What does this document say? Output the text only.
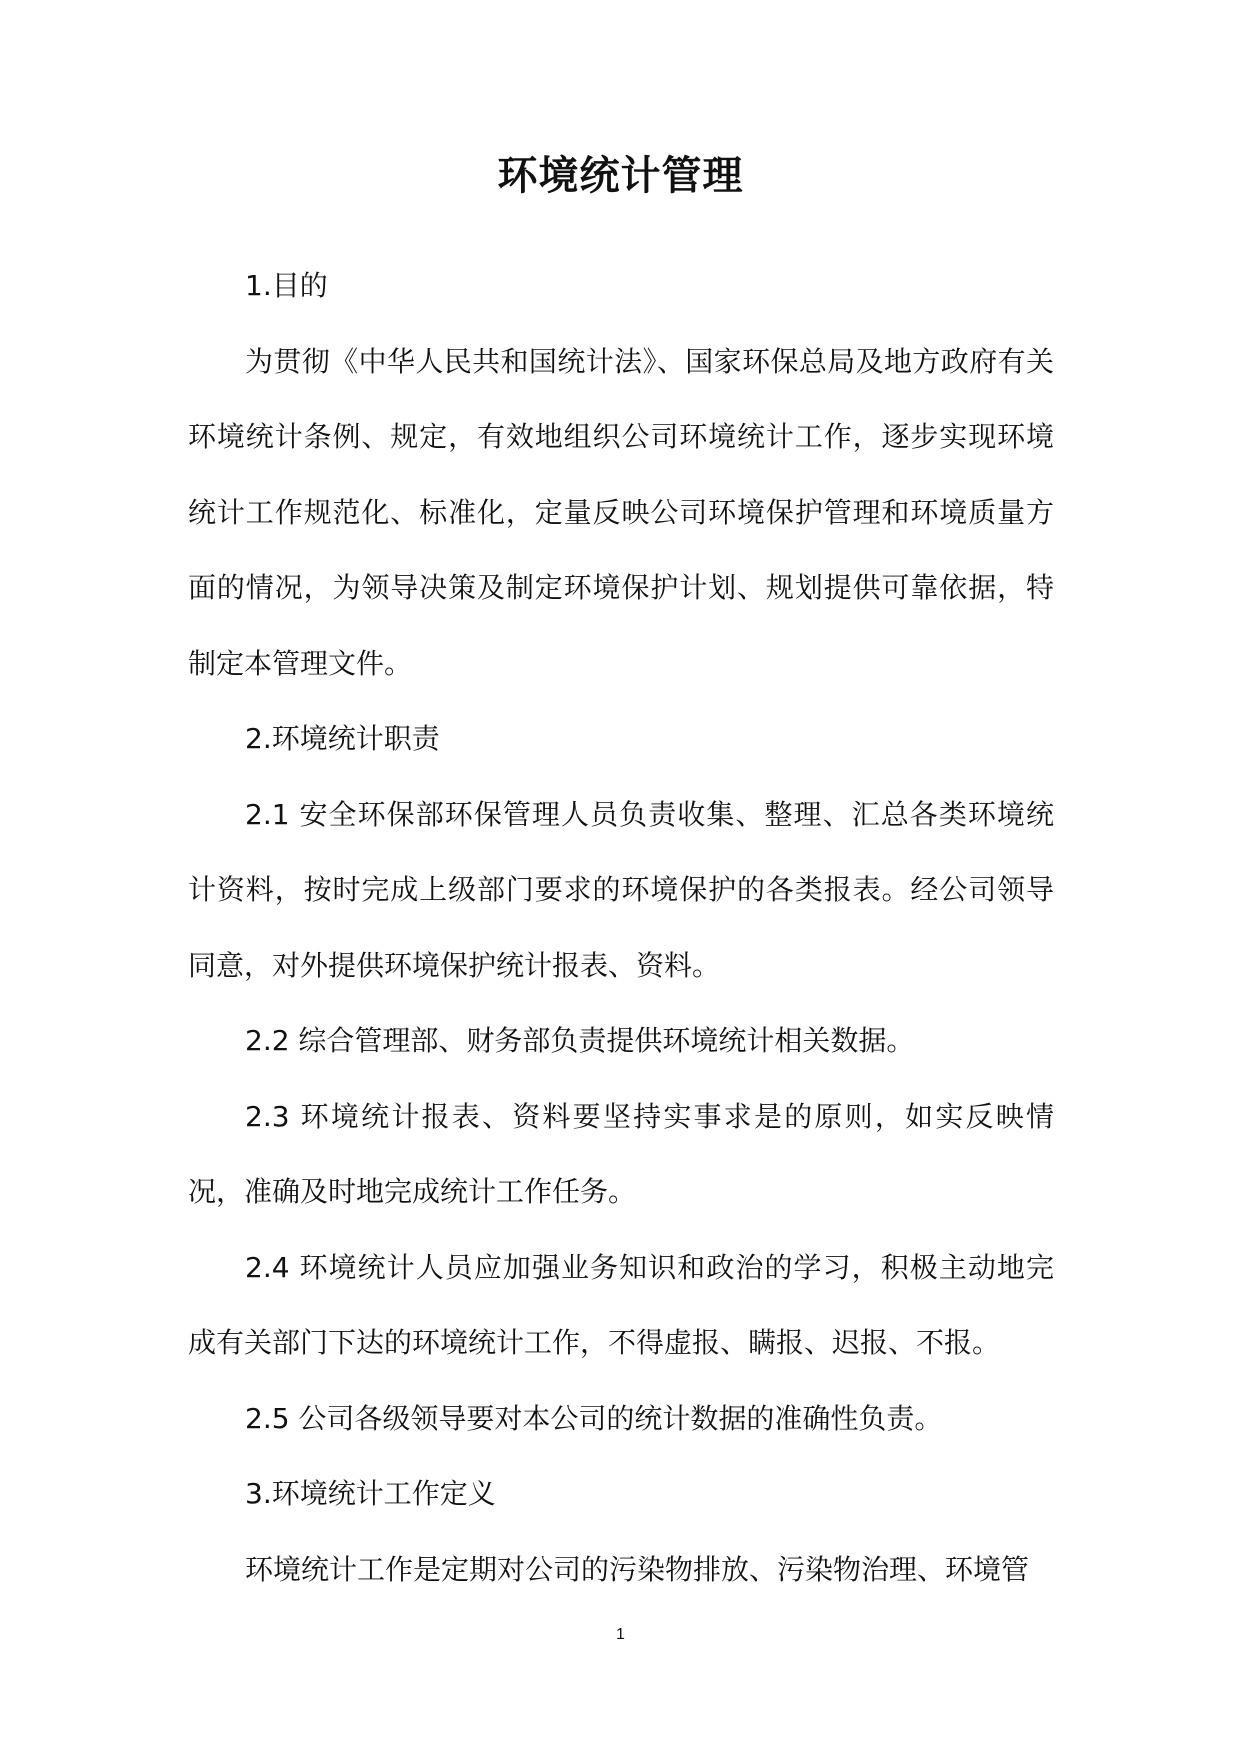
环境统计管理

1.目的

为贯彻《中华人民共和国统计法》、国家环保总局及地方政府有关环境统计条例、规定，有效地组织公司环境统计工作，逐步实现环境统计工作规范化、标准化，定量反映公司环境保护管理和环境质量方面的情况，为领导决策及制定环境保护计划、规划提供可靠依据，特制定本管理文件。

2.环境统计职责

2.1 安全环保部环保管理人员负责收集、整理、汇总各类环境统计资料，按时完成上级部门要求的环境保护的各类报表。经公司领导同意，对外提供环境保护统计报表、资料。

2.2 综合管理部、财务部负责提供环境统计相关数据。

2.3 环境统计报表、资料要坚持实事求是的原则，如实反映情况，准确及时地完成统计工作任务。

2.4 环境统计人员应加强业务知识和政治的学习，积极主动地完成有关部门下达的环境统计工作，不得虚报、瞒报、迟报、不报。

2.5 公司各级领导要对本公司的统计数据的准确性负责。

3.环境统计工作定义

环境统计工作是定期对公司的污染物排放、污染物治理、环境管

1
